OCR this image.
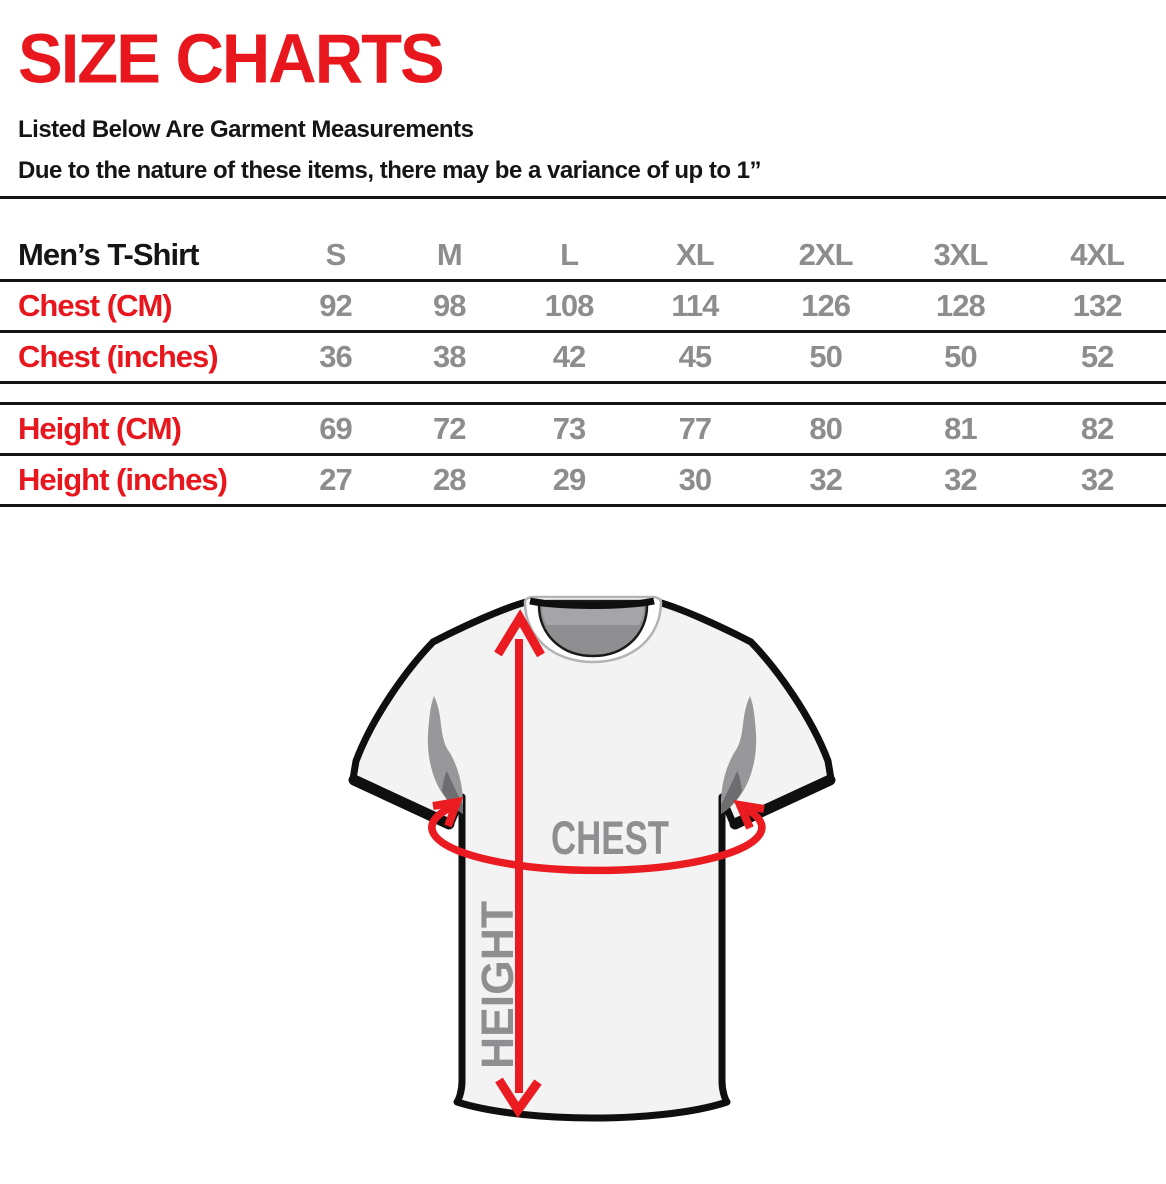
SIZE CHARTS

Listed Below Are Garment Measurements

Due to the nature of these items, there may be a variance of up to 1”

Men’s T-Shirt	S	M	L	XL	2XL	3XL	4XL
Chest (CM)	92	98	108	114	126	128	132
Chest (inches)	36	38	42	45	50	50	52
Height (CM)	69	72	73	77	80	81	82
Height (inches)	27	28	29	30	32	32	32
CHEST
HEIGHT
